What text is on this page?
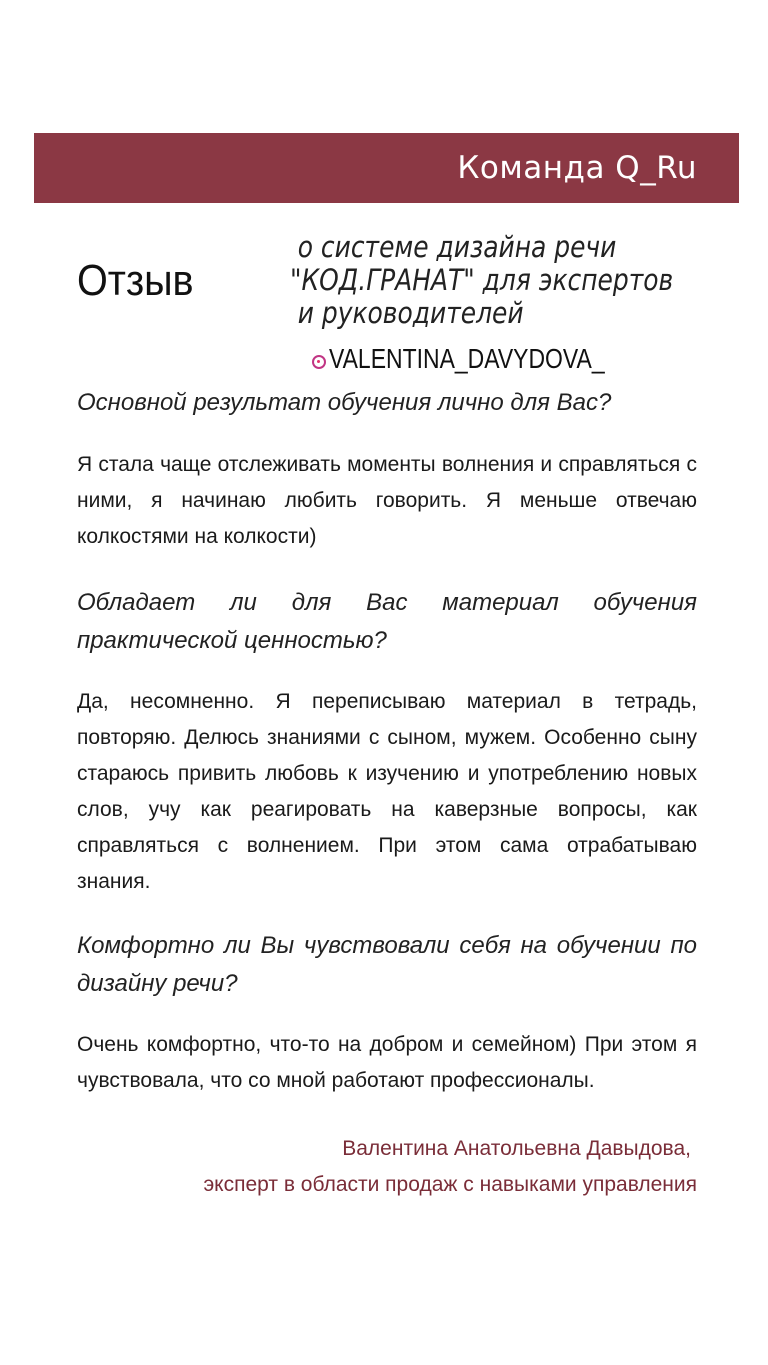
Команда Q_Ru
Отзыв
о системе дизайна речи
"КОД.ГРАНАТ" для экспертов
и руководителей
VALENTINA_DAVYDOVA_

Основной результат обучения лично для Вас?

Я стала чаще отслеживать моменты волнения и справляться с ними, я начинаю любить говорить. Я меньше отвечаю колкостями на колкости)

Обладает ли для Вас материал обучения практической ценностью?

Да, несомненно. Я переписываю материал в тетрадь, повторяю. Делюсь знаниями с сыном, мужем. Особенно сыну стараюсь привить любовь к изучению и употреблению новых слов, учу как реагировать на каверзные вопросы, как справляться с волнением. При этом сама отрабатываю знания.

Комфортно ли Вы чувствовали себя на обучении по дизайну речи?

Очень комфортно, что-то на добром и семейном) При этом я чувствовала, что со мной работают профессионалы.

Валентина Анатольевна Давыдова,
эксперт в области продаж с навыками управления
